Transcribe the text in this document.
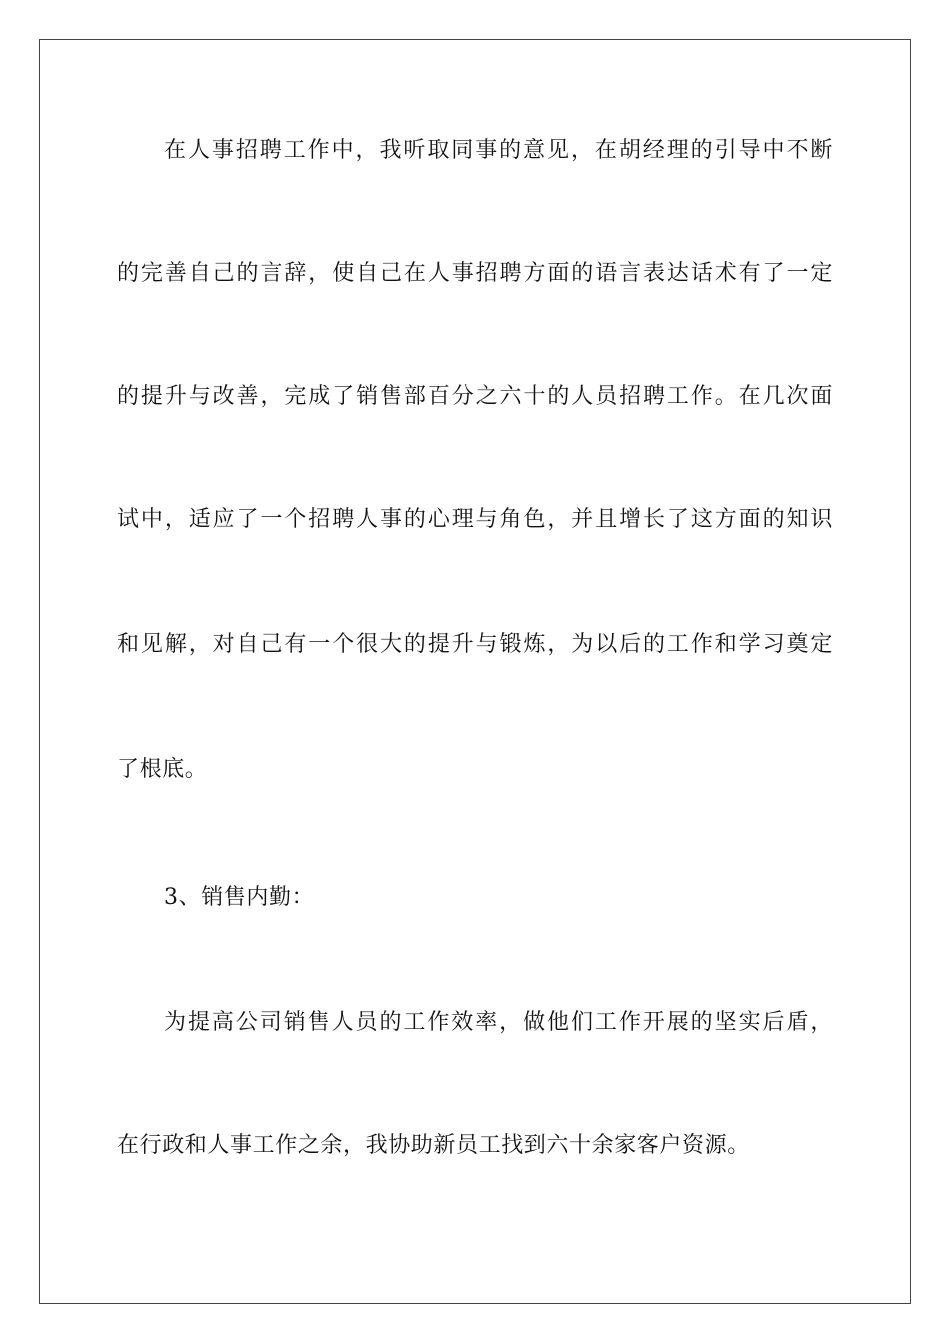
在人事招聘工作中，我听取同事的意见，在胡经理的引导中不断
的完善自己的言辞，使自己在人事招聘方面的语言表达话术有了一定
的提升与改善，完成了销售部百分之六十的人员招聘工作。在几次面
试中，适应了一个招聘人事的心理与角色，并且增长了这方面的知识
和见解，对自己有一个很大的提升与锻炼，为以后的工作和学习奠定
了根底。
3、销售内勤：
为提高公司销售人员的工作效率，做他们工作开展的坚实后盾，
在行政和人事工作之余，我协助新员工找到六十余家客户资源。
